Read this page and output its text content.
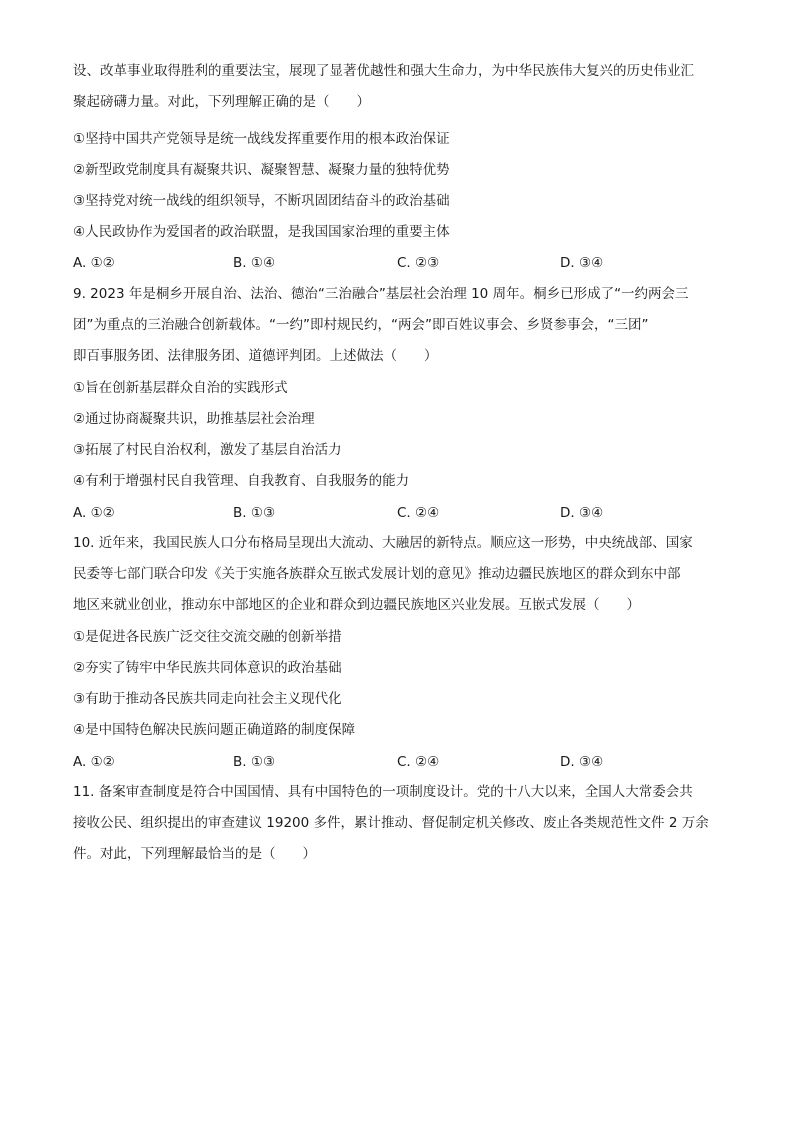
设、改革事业取得胜利的重要法宝，展现了显著优越性和强大生命力，为中华民族伟大复兴的历史伟业汇
聚起磅礴力量。对此，下列理解正确的是（　　）
①坚持中国共产党领导是统一战线发挥重要作用的根本政治保证
②新型政党制度具有凝聚共识、凝聚智慧、凝聚力量的独特优势
③坚持党对统一战线的组织领导，不断巩固团结奋斗的政治基础
④人民政协作为爱国者的政治联盟，是我国国家治理的重要主体
A. ①②	B. ①④	C. ②③	D. ③④
9. 2023 年是桐乡开展自治、法治、德治“三治融合”基层社会治理 10 周年。桐乡已形成了“一约两会三
团”为重点的三治融合创新载体。“一约”即村规民约，“两会”即百姓议事会、乡贤参事会，“三团”
即百事服务团、法律服务团、道德评判团。上述做法（　　）
①旨在创新基层群众自治的实践形式
②通过协商凝聚共识，助推基层社会治理
③拓展了村民自治权利，激发了基层自治活力
④有利于增强村民自我管理、自我教育、自我服务的能力
A. ①②	B. ①③	C. ②④	D. ③④
10. 近年来，我国民族人口分布格局呈现出大流动、大融居的新特点。顺应这一形势，中央统战部、国家
民委等七部门联合印发《关于实施各族群众互嵌式发展计划的意见》推动边疆民族地区的群众到东中部
地区来就业创业，推动东中部地区的企业和群众到边疆民族地区兴业发展。互嵌式发展（　　）
①是促进各民族广泛交往交流交融的创新举措
②夯实了铸牢中华民族共同体意识的政治基础
③有助于推动各民族共同走向社会主义现代化
④是中国特色解决民族问题正确道路的制度保障
A. ①②	B. ①③	C. ②④	D. ③④
11. 备案审查制度是符合中国国情、具有中国特色的一项制度设计。党的十八大以来，全国人大常委会共
接收公民、组织提出的审查建议 19200 多件，累计推动、督促制定机关修改、废止各类规范性文件 2 万余
件。对此，下列理解最恰当的是（　　）
